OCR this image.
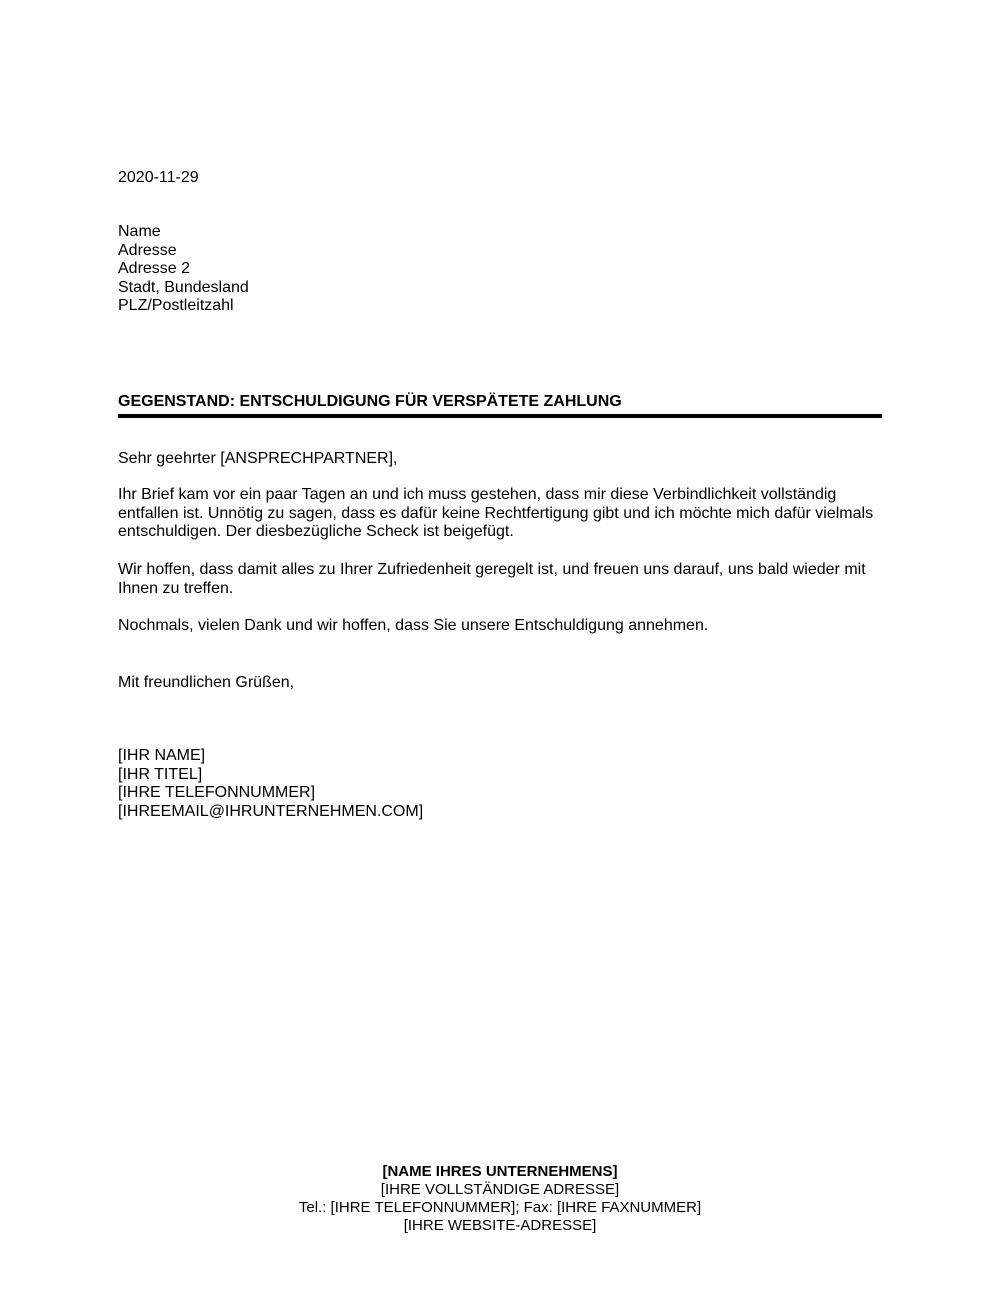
2020-11-29
Name
Adresse
Adresse 2
Stadt, Bundesland
PLZ/Postleitzahl
GEGENSTAND: ENTSCHULDIGUNG FÜR VERSPÄTETE ZAHLUNG
Sehr geehrter [ANSPRECHPARTNER],
Ihr Brief kam vor ein paar Tagen an und ich muss gestehen, dass mir diese Verbindlichkeit vollständig entfallen ist. Unnötig zu sagen, dass es dafür keine Rechtfertigung gibt und ich möchte mich dafür vielmals entschuldigen. Der diesbezügliche Scheck ist beigefügt.
Wir hoffen, dass damit alles zu Ihrer Zufriedenheit geregelt ist, und freuen uns darauf, uns bald wieder mit Ihnen zu treffen.
Nochmals, vielen Dank und wir hoffen, dass Sie unsere Entschuldigung annehmen.
Mit freundlichen Grüßen,
[IHR NAME]
[IHR TITEL]
[IHRE TELEFONNUMMER]
[IHREEMAIL@IHRUNTERNEHMEN.COM]
[NAME IHRES UNTERNEHMENS]
[IHRE VOLLSTÄNDIGE ADRESSE]
Tel.: [IHRE TELEFONNUMMER]; Fax: [IHRE FAXNUMMER]
[IHRE WEBSITE-ADRESSE]
